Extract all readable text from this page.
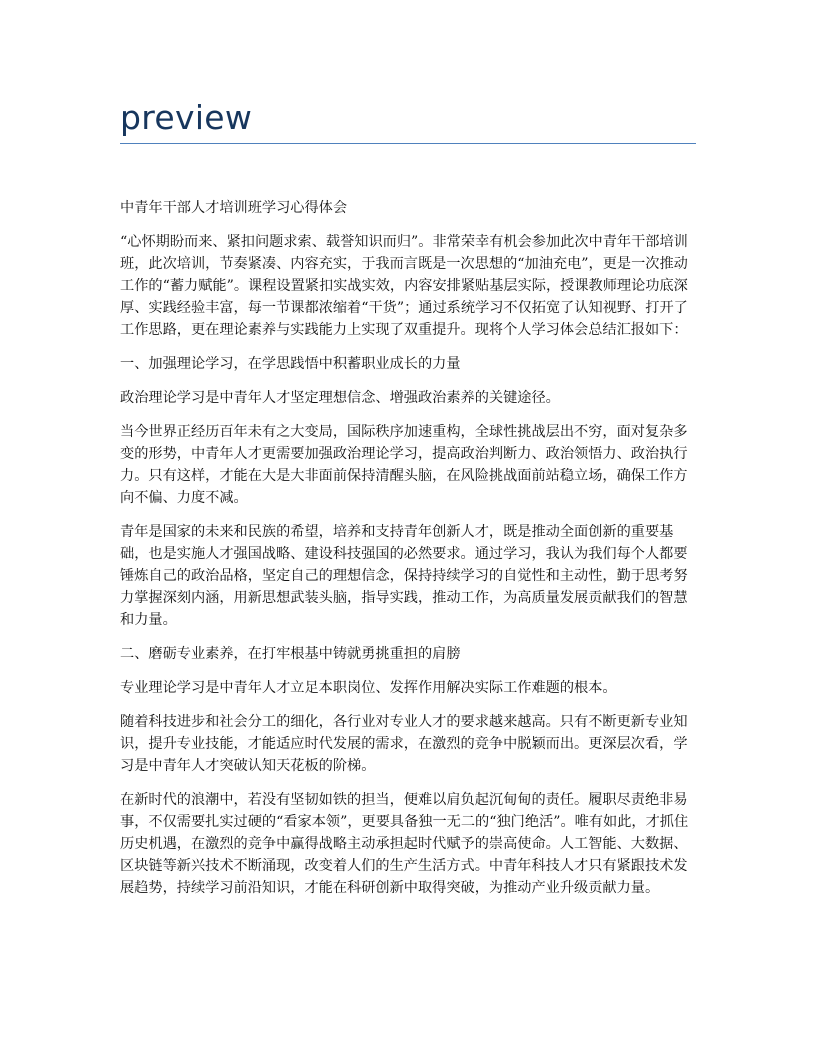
preview

中青年干部人才培训班学习心得体会

“心怀期盼而来、紧扣问题求索、载誉知识而归”。非常荣幸有机会参加此次中青年干部培训班，此次培训，节奏紧凑、内容充实，于我而言既是一次思想的“加油充电”，更是一次推动工作的“蓄力赋能”。课程设置紧扣实战实效，内容安排紧贴基层实际，授课教师理论功底深厚、实践经验丰富，每一节课都浓缩着“干货”；通过系统学习不仅拓宽了认知视野、打开了工作思路，更在理论素养与实践能力上实现了双重提升。现将个人学习体会总结汇报如下：

一、加强理论学习，在学思践悟中积蓄职业成长的力量

政治理论学习是中青年人才坚定理想信念、增强政治素养的关键途径。

当今世界正经历百年未有之大变局，国际秩序加速重构，全球性挑战层出不穷，面对复杂多变的形势，中青年人才更需要加强政治理论学习，提高政治判断力、政治领悟力、政治执行力。只有这样，才能在大是大非面前保持清醒头脑，在风险挑战面前站稳立场，确保工作方向不偏、力度不减。

青年是国家的未来和民族的希望，培养和支持青年创新人才，既是推动全面创新的重要基础，也是实施人才强国战略、建设科技强国的必然要求。通过学习，我认为我们每个人都要锤炼自己的政治品格，坚定自己的理想信念，保持持续学习的自觉性和主动性，勤于思考努力掌握深刻内涵，用新思想武装头脑，指导实践，推动工作，为高质量发展贡献我们的智慧和力量。

二、磨砺专业素养，在打牢根基中铸就勇挑重担的肩膀

专业理论学习是中青年人才立足本职岗位、发挥作用解决实际工作难题的根本。

随着科技进步和社会分工的细化，各行业对专业人才的要求越来越高。只有不断更新专业知识，提升专业技能，才能适应时代发展的需求，在激烈的竞争中脱颖而出。更深层次看，学习是中青年人才突破认知天花板的阶梯。

在新时代的浪潮中，若没有坚韧如铁的担当，便难以肩负起沉甸甸的责任。履职尽责绝非易事，不仅需要扎实过硬的“看家本领”，更要具备独一无二的“独门绝活”。唯有如此，才抓住历史机遇，在激烈的竞争中赢得战略主动承担起时代赋予的崇高使命。人工智能、大数据、区块链等新兴技术不断涌现，改变着人们的生产生活方式。中青年科技人才只有紧跟技术发展趋势，持续学习前沿知识，才能在科研创新中取得突破，为推动产业升级贡献力量。
